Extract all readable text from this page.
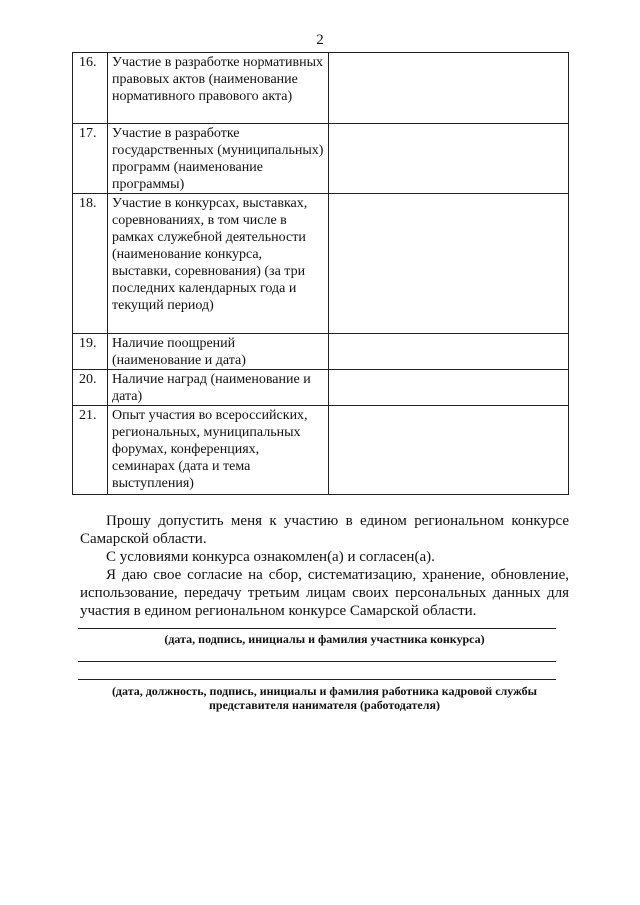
2
16.	Участие в разработке нормативных правовых актов (наименование нормативного правового акта)	
17.	Участие в разработке государственных (муниципальных) программ (наименование программы)	
18.	Участие в конкурсах, выставках, соревнованиях, в том числе в рамках служебной деятельности (наименование конкурса, выставки, соревнования) (за три последних календарных года и текущий период)	
19.	Наличие поощрений (наименование и дата)	
20.	Наличие наград (наименование и дата)	
21.	Опыт участия во всероссийских, региональных, муниципальных форумах, конференциях, семинарах (дата и тема выступления)	

Прошу допустить меня к участию в едином региональном конкурсе Самарской области.

С условиями конкурса ознакомлен(а) и согласен(а).

Я даю свое согласие на сбор, систематизацию, хранение, обновление, использование, передачу третьим лицам своих персональных данных для участия в едином региональном конкурсе Самарской области.

(дата, подпись, инициалы и фамилия участника конкурса)
(дата, должность, подпись, инициалы и фамилия работника кадровой службы
представителя нанимателя (работодателя)
